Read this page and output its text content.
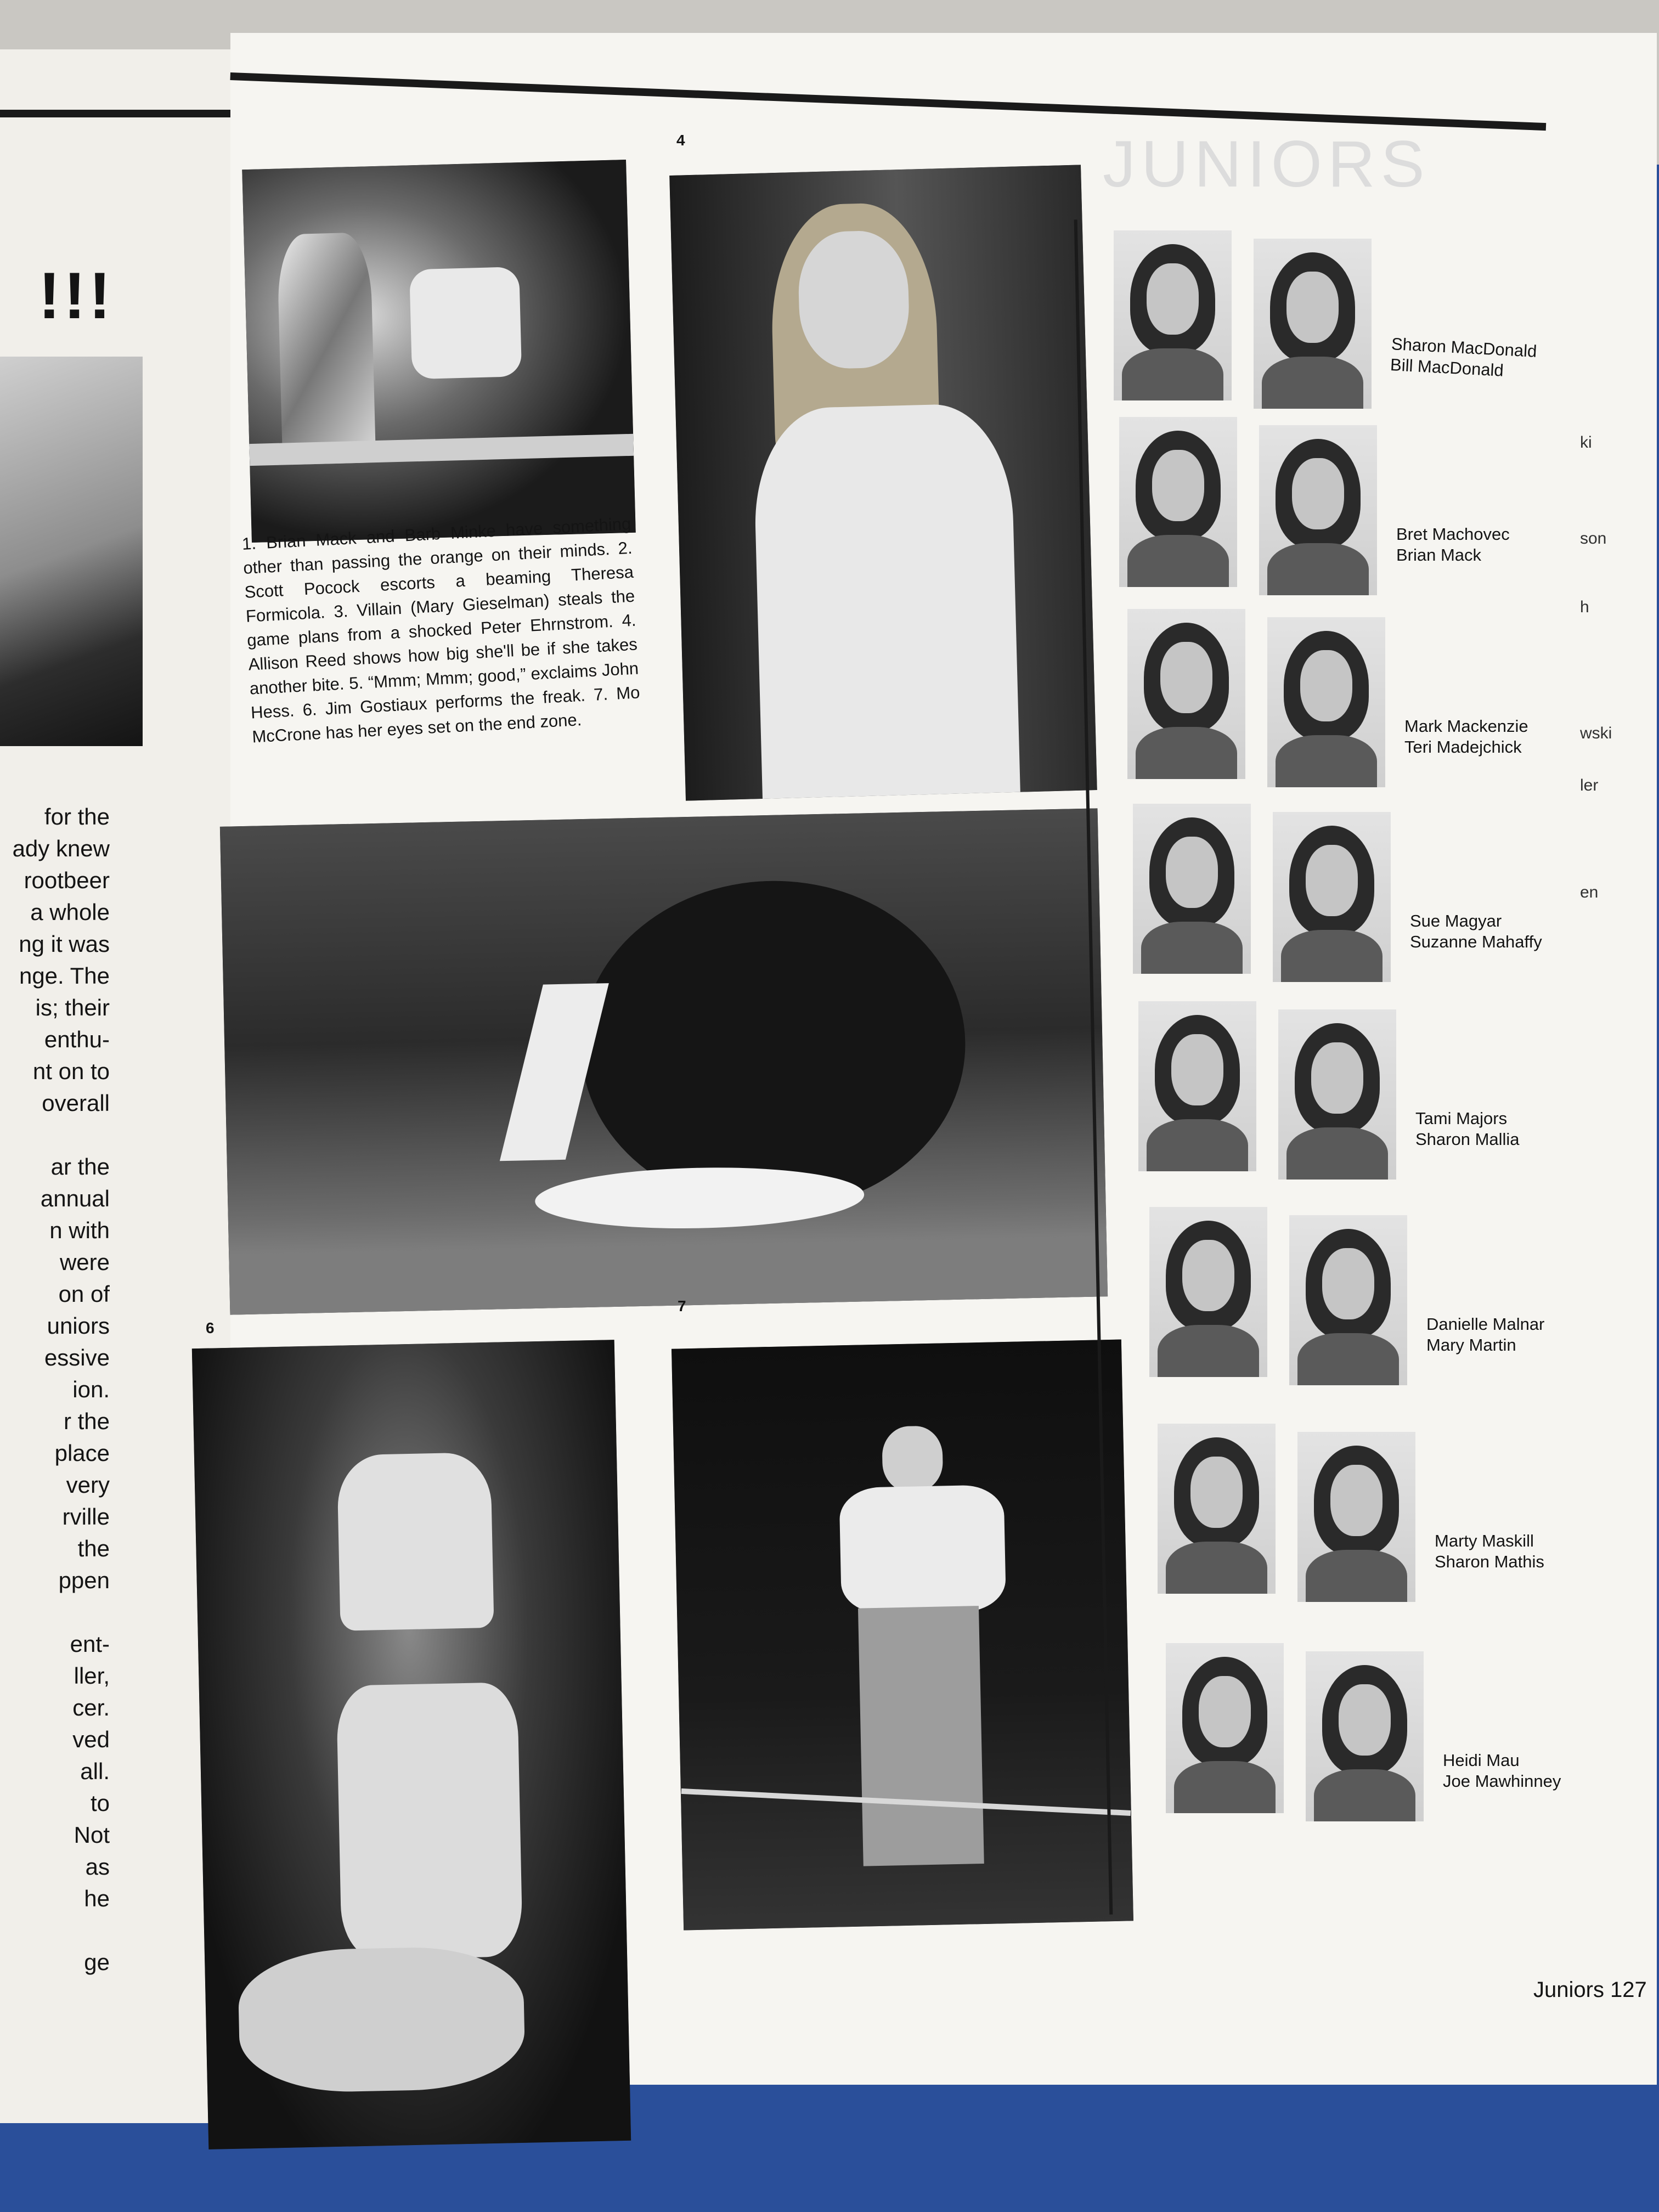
!!!
for the
ady knew
rootbeer
a whole
ng it was
nge. The
is; their
enthu-
nt on to
overall
ar the
annual
n with
were
on of
uniors
essive
ion.
r the
place
very
rville
the
ppen
ent-
ller,
cer.
ved
all.
to
Not
as
he
ge
JUNIORS
4
1. Brian Mack and Barb Minke have something other than passing the orange on their minds. 2. Scott Pocock escorts a beaming Theresa Formicola. 3. Villain (Mary Gieselman) steals the game plans from a shocked Peter Ehrnstrom. 4. Allison Reed shows how big she'll be if she takes another bite. 5. “Mmm; Mmm; good,” exclaims John Hess. 6. Jim Gostiaux performs the freak. 7. Mo McCrone has her eyes set on the end zone.
6
7
Sharon MacDonald
Bill MacDonald
Bret Machovec
Brian Mack
Mark Mackenzie
Teri Madejchick
Sue Magyar
Suzanne Mahaffy
Tami Majors
Sharon Mallia
Danielle Malnar
Mary Martin
Marty Maskill
Sharon Mathis
Heidi Mau
Joe Mawhinney
ki
son
h
wski
ler
en
Juniors 127
